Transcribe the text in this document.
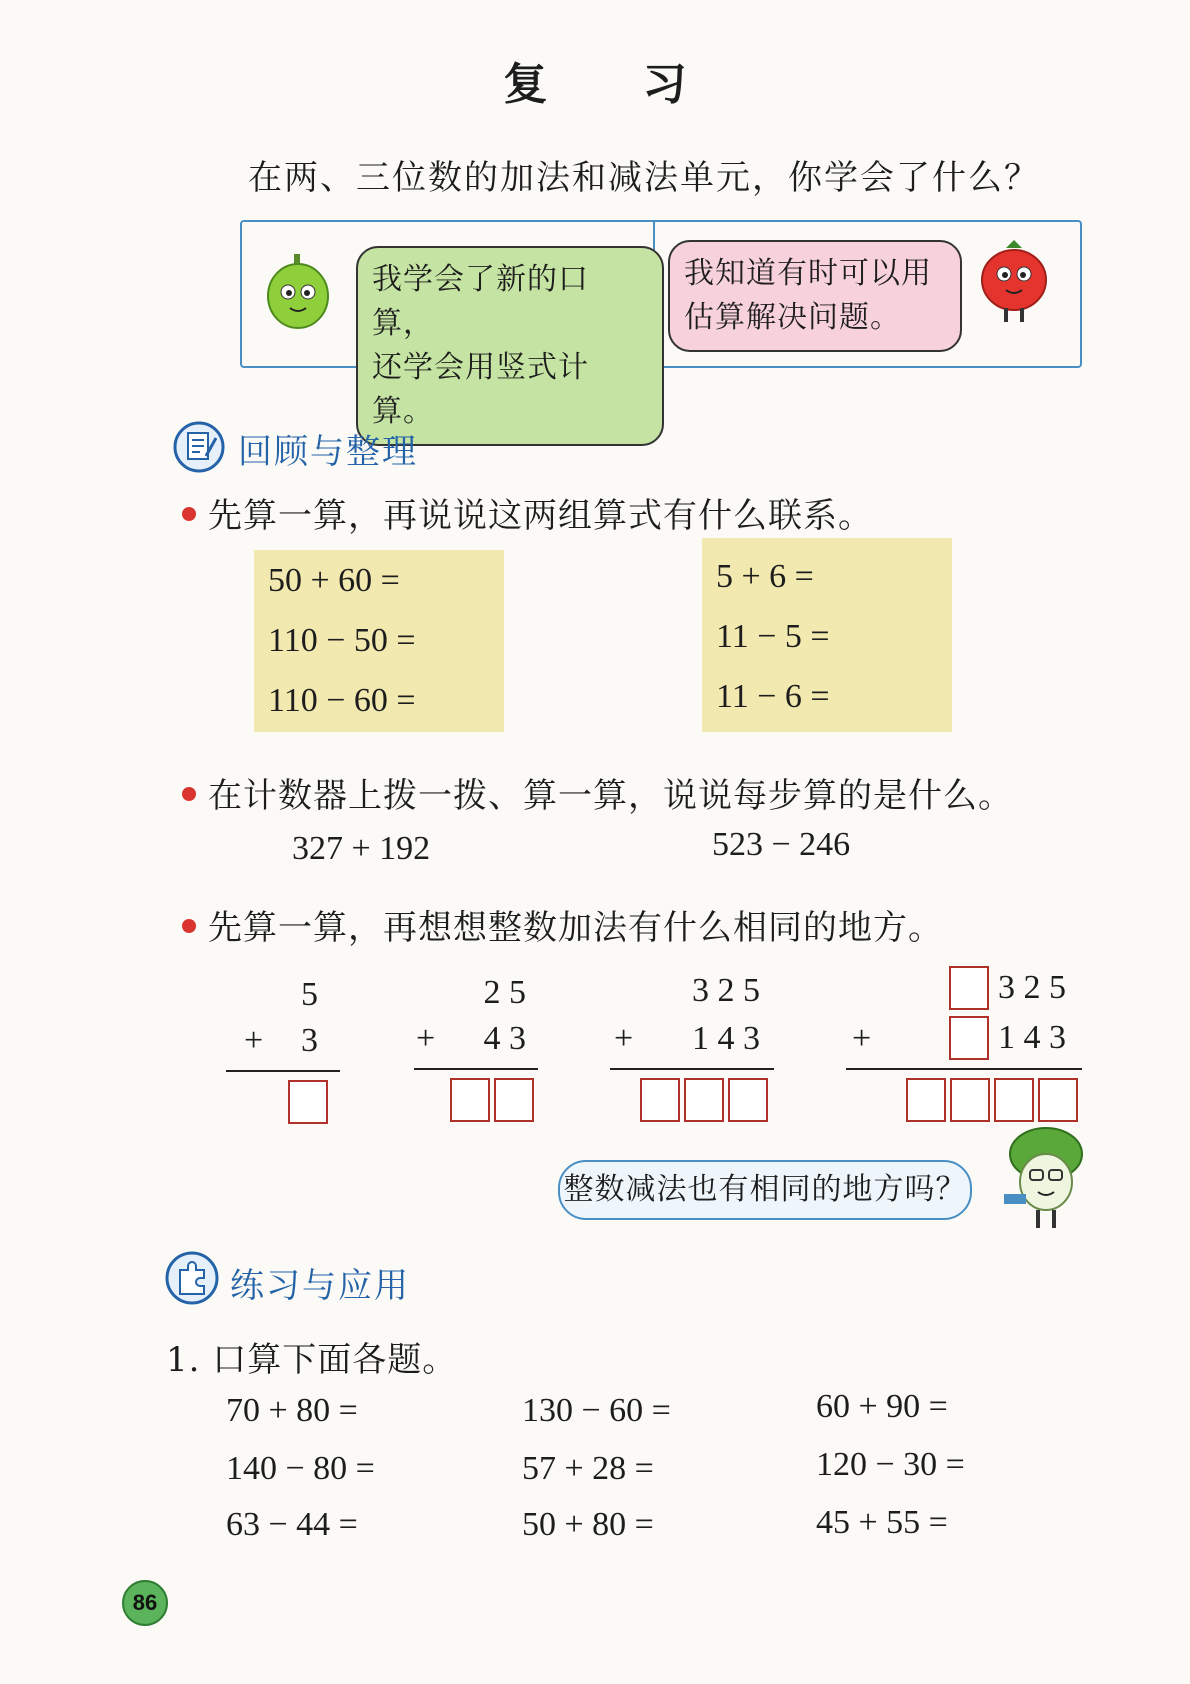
复 习
在两、三位数的加法和减法单元，你学会了什么？
我学会了新的口算，
还学会用竖式计算。
我知道有时可以用
估算解决问题。
回顾与整理
先算一算，再说说这两组算式有什么联系。
50 + 60 =
110 − 50 =
110 − 60 =
5 + 6 =
11 − 5 =
11 − 6 =
在计数器上拨一拨、算一算，说说每步算的是什么。
327 + 192	523 − 246
先算一算，再想想整数加法有什么相同的地方。
5
+ 3
2 5
+ 4 3
3 2 5
+ 1 4 3
3 2 5
+	1 4 3
整数减法也有相同的地方吗？
练习与应用
1. 口算下面各题。
70 + 80 =	130 − 60 =	60 + 90 =
140 − 80 =	57 + 28 =	120 − 30 =
63 − 44 =	50 + 80 =	45 + 55 =
86
